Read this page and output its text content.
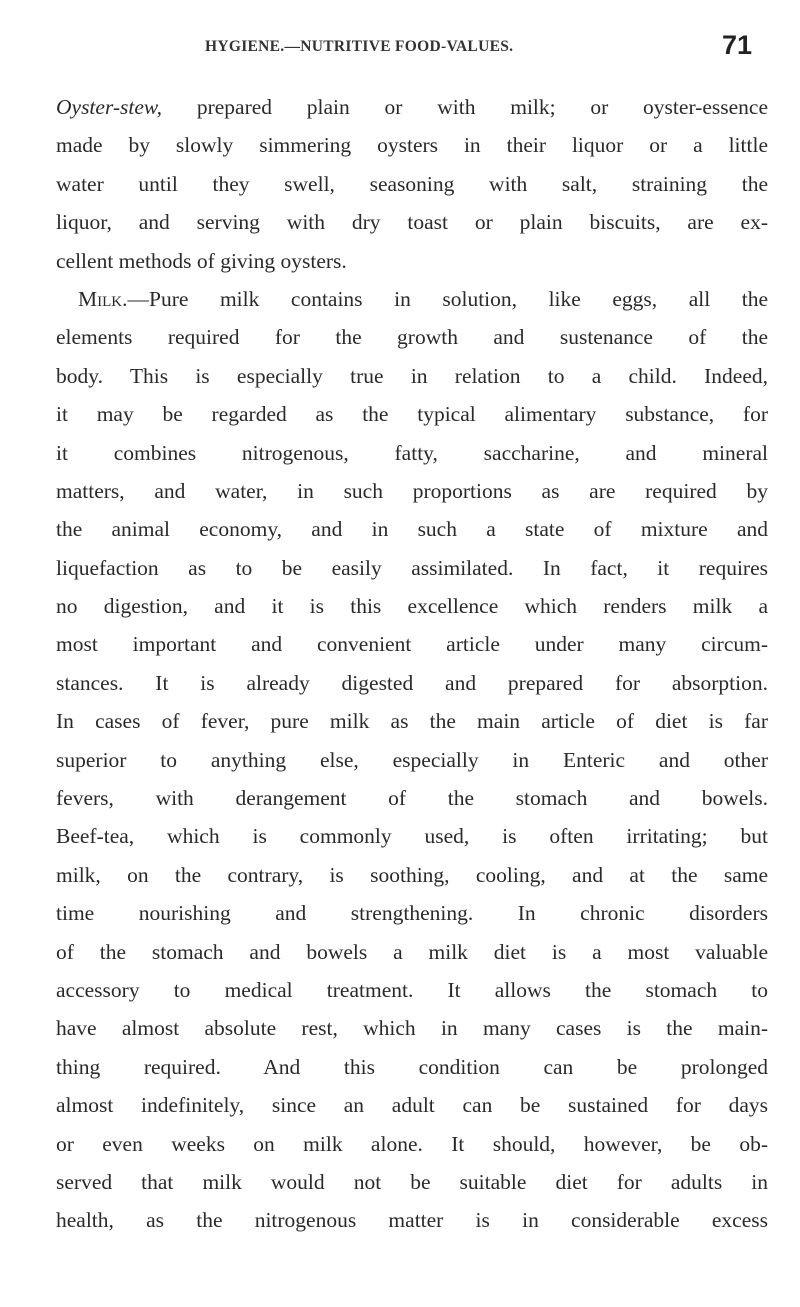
HYGIENE.—NUTRITIVE FOOD-VALUES.	71
Oyster-stew, prepared plain or with milk; or oyster-essence
made by slowly simmering oysters in their liquor or a little
water until they swell, seasoning with salt, straining the
liquor, and serving with dry toast or plain biscuits, are ex-
cellent methods of giving oysters.
Milk.—Pure milk contains in solution, like eggs, all the
elements required for the growth and sustenance of the
body. This is especially true in relation to a child. Indeed,
it may be regarded as the typical alimentary substance, for
it combines nitrogenous, fatty, saccharine, and mineral
matters, and water, in such proportions as are required by
the animal economy, and in such a state of mixture and
liquefaction as to be easily assimilated. In fact, it requires
no digestion, and it is this excellence which renders milk a
most important and convenient article under many circum-
stances. It is already digested and prepared for absorption.
In cases of fever, pure milk as the main article of diet is far
superior to anything else, especially in Enteric and other
fevers, with derangement of the stomach and bowels.
Beef-tea, which is commonly used, is often irritating; but
milk, on the contrary, is soothing, cooling, and at the same
time nourishing and strengthening. In chronic disorders
of the stomach and bowels a milk diet is a most valuable
accessory to medical treatment. It allows the stomach to
have almost absolute rest, which in many cases is the main-
thing required. And this condition can be prolonged
almost indefinitely, since an adult can be sustained for days
or even weeks on milk alone. It should, however, be ob-
served that milk would not be suitable diet for adults in
health, as the nitrogenous matter is in considerable excess
